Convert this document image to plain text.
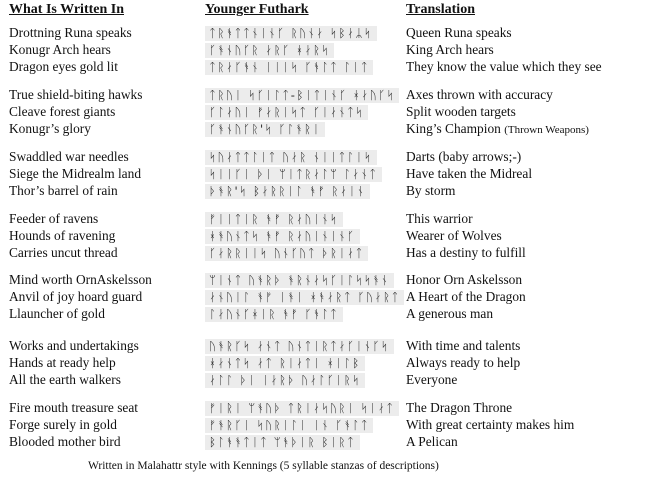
What Is Written In	Younger Futhark	Translation
Drottning Runa speaks
Konugr Arch hears
Dragon eyes gold lit
ᛏᚱᚬᛏᛏᚾᛁᚾᚴ ᚱᚢᚾᛅ ᛋᛒᛅᛦᛋ
ᚴᚬᚾᚢᚴᚱ ᛅᚱᚴ ᚼᛅᚱᛋ
ᛏᚱᛅᚴᚬᚾ ᛁᛁᛁᛋ ᚴᚬᛚᛏ ᛚᛁᛏ
Queen Runa speaks
King Arch hears
They know the value which they see
True shield-biting hawks
Cleave forest giants
Konugr’s glory
ᛏᚱᚢᛁ ᛋᚴᛁᛚᛏ-ᛒᛁᛏᛁᚾᚴ ᚼᛅᚢᚴᛋ
ᚴᛚᛅᚢᛁ ᚠᛅᚱᛁᛋᛏ ᚴᛁᛅᚾᛏᛋ
ᚴᚬᚾᚢᚴᚱ'ᛋ ᚴᛚᚬᚱᛁ
Axes thrown with accuracy
Split wooden targets
King’s Champion (Thrown Weapons)
Swaddled war needles
Siege the Midrealm land
Thor’s barrel of rain
ᛋᚢᛅᛏᛏᛚᛁᛏ ᚢᛅᚱ ᚾᛁᛁᛏᛚᛁᛋ
ᛋᛁᛁᚴᛁ ᚦᛁ ᛘᛁᛏᚱᛅᛚᛘ ᛚᛅᚾᛏ
ᚦᚬᚱ'ᛋ ᛒᛅᚱᚱᛁᛚ ᚬᚠ ᚱᛅᛁᚾ
Darts (baby arrows;-)
Have taken the Midreal
By storm
Feeder of ravens
Hounds of ravening
Carries uncut thread
ᚠᛁᛁᛏᛁᚱ ᚬᚠ ᚱᛅᚢᛁᚾᛋ
ᚼᚬᚢᚾᛏᛋ ᚬᚠ ᚱᛅᚢᛁᚾᛁᚾᚴ
ᚴᛅᚱᚱᛁᛁᛋ ᚢᚾᚴᚢᛏ ᚦᚱᛁᛅᛏ
This warrior
Wearer of Wolves
Has a destiny to fulfill
Mind worth OrnAskelsson
Anvil of joy hoard guard
Llauncher of gold
ᛘᛁᚾᛏ ᚢᚬᚱᚦ ᚬᚱᚾᛅᛋᚴᛁᛚᛋᛋᚬᚾ
ᛅᚾᚢᛁᛚ ᚬᚠ ᛁᚬᛁ ᚼᚬᛅᚱᛏ ᚴᚢᛅᚱᛏ
ᛚᛅᚢᚾᚴᚼᛁᚱ ᚬᚠ ᚴᚬᛚᛏ
Honor Orn Askelsson
A Heart of the Dragon
A generous man
Works and undertakings
Hands at ready help
All the earth walkers
ᚢᚬᚱᚴᛋ ᛅᚾᛏ ᚢᚾᛏᛁᚱᛏᛅᚴᛁᚾᚴᛋ
ᚼᛅᚾᛏᛋ ᛅᛏ ᚱᛁᛅᛏᛁ ᚼᛁᛚᛒ
ᛅᛚᛚ ᚦᛁ ᛁᛅᚱᚦ ᚢᛅᛚᚴᛁᚱᛋ
With time and talents
Always ready to help
Everyone
Fire mouth treasure seat
Forge surely in gold
Blooded mother bird
ᚠᛁᚱᛁ ᛘᚬᚢᚦ ᛏᚱᛁᛅᛋᚢᚱᛁ ᛋᛁᛅᛏ
ᚠᚬᚱᚴᛁ ᛋᚢᚱᛁᛚᛁ ᛁᚾ ᚴᚬᛚᛏ
ᛒᛚᚬᚬᛏᛁᛏ ᛘᚬᚦᛁᚱ ᛒᛁᚱᛏ
The Dragon Throne
With great certainty makes him
A Pelican
Written in Malahattr style with Kennings (5 syllable stanzas of descriptions)
